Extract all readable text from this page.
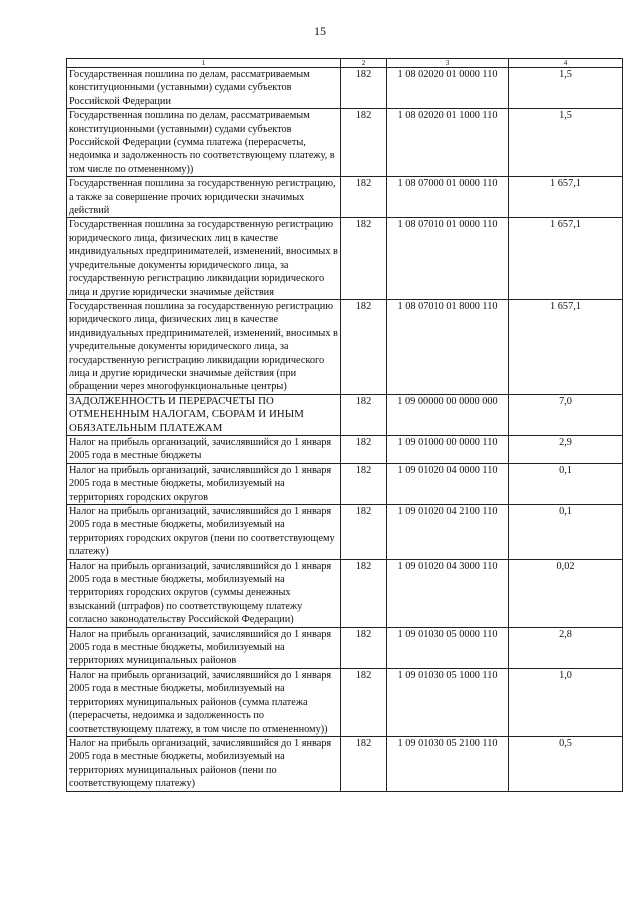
15
1	2	3	4
Государственная пошлина по делам, рассматриваемым конституционными (уставными) судами субъектов Российской Федерации	182	1 08 02020 01 0000 110	1,5
Государственная пошлина по делам, рассматриваемым конституционными (уставными) судами субъектов Российской Федерации (сумма платежа (перерасчеты, недоимка и задолженность по соответствующему платежу, в том числе по отмененному))	182	1 08 02020 01 1000 110	1,5
Государственная пошлина за государственную регистрацию, а также за совершение прочих юридически значимых действий	182	1 08 07000 01 0000 110	1 657,1
Государственная пошлина за государственную регистрацию юридического лица, физических лиц в качестве индивидуальных предпринимателей, изменений, вносимых в учредительные документы юридического лица, за государственную регистрацию ликвидации юридического лица и другие юридически значимые действия	182	1 08 07010 01 0000 110	1 657,1
Государственная пошлина за государственную регистрацию юридического лица, физических лиц в качестве индивидуальных предпринимателей, изменений, вносимых в учредительные документы юридического лица, за государственную регистрацию ликвидации юридического лица и другие юридически значимые действия (при обращении через многофункциональные центры)	182	1 08 07010 01 8000 110	1 657,1
ЗАДОЛЖЕННОСТЬ И ПЕРЕРАСЧЕТЫ ПО ОТМЕНЕННЫМ НАЛОГАМ, СБОРАМ И ИНЫМ ОБЯЗАТЕЛЬНЫМ ПЛАТЕЖАМ	182	1 09 00000 00 0000 000	7,0
Налог на прибыль организаций, зачислявшийся до 1 января 2005 года в местные бюджеты	182	1 09 01000 00 0000 110	2,9
Налог на прибыль организаций, зачислявшийся до 1 января 2005 года в местные бюджеты, мобилизуемый на территориях городских округов	182	1 09 01020 04 0000 110	0,1
Налог на прибыль организаций, зачислявшийся до 1 января 2005 года в местные бюджеты, мобилизуемый на территориях городских округов (пени по соответствующему платежу)	182	1 09 01020 04 2100 110	0,1
Налог на прибыль организаций, зачислявшийся до 1 января 2005 года в местные бюджеты, мобилизуемый на территориях городских округов (суммы денежных взысканий (штрафов) по соответствующему платежу согласно законодательству Российской Федерации)	182	1 09 01020 04 3000 110	0,02
Налог на прибыль организаций, зачислявшийся до 1 января 2005 года в местные бюджеты, мобилизуемый на территориях муниципальных районов	182	1 09 01030 05 0000 110	2,8
Налог на прибыль организаций, зачислявшийся до 1 января 2005 года в местные бюджеты, мобилизуемый на территориях муниципальных районов (сумма платежа (перерасчеты, недоимка и задолженность по соответствующему платежу, в том числе по отмененному))	182	1 09 01030 05 1000 110	1,0
Налог на прибыль организаций, зачислявшийся до 1 января 2005 года в местные бюджеты, мобилизуемый на территориях муниципальных районов (пени по соответствующему платежу)	182	1 09 01030 05 2100 110	0,5
